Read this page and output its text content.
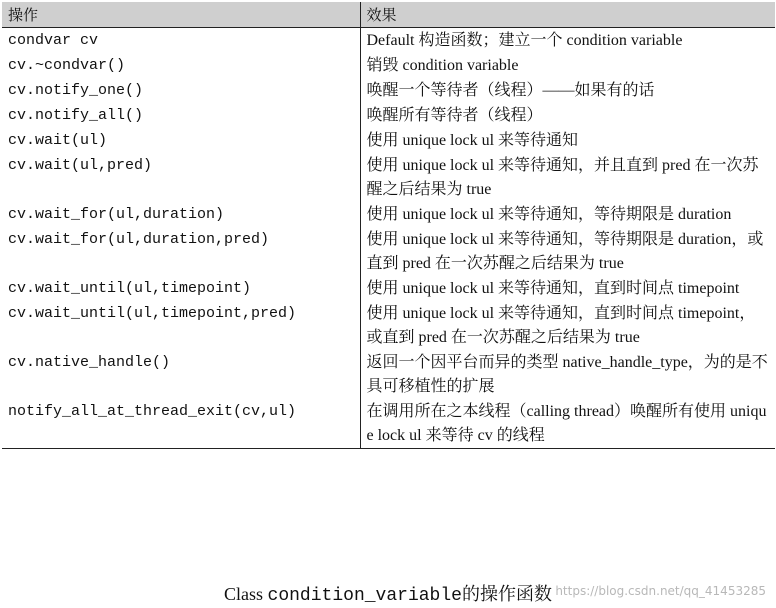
操作	效果
condvar cv	Default 构造函数；建立一个 condition variable
cv.~condvar()	销毁 condition variable
cv.notify_one()	唤醒一个等待者（线程）——如果有的话
cv.notify_all()	唤醒所有等待者（线程）
cv.wait(ul)	使用 unique lock ul 来等待通知
cv.wait(ul,pred)	使用 unique lock ul 来等待通知，并且直到 pred 在一次苏醒之后结果为 true
cv.wait_for(ul,duration)	使用 unique lock ul 来等待通知，等待期限是 duration
cv.wait_for(ul,duration,pred)	使用 unique lock ul 来等待通知，等待期限是 duration，或直到 pred 在一次苏醒之后结果为 true
cv.wait_until(ul,timepoint)	使用 unique lock ul 来等待通知，直到时间点 timepoint
cv.wait_until(ul,timepoint,pred)	使用 unique lock ul 来等待通知，直到时间点 timepoint，或直到 pred 在一次苏醒之后结果为 true
cv.native_handle()	返回一个因平台而异的类型 native_handle_type，为的是不具可移植性的扩展
notify_all_at_thread_exit(cv,ul)	在调用所在之本线程（calling thread）唤醒所有使用 unique lock ul 来等待 cv 的线程
Class condition_variable的操作函数 https://blog.csdn.net/qq_41453285
